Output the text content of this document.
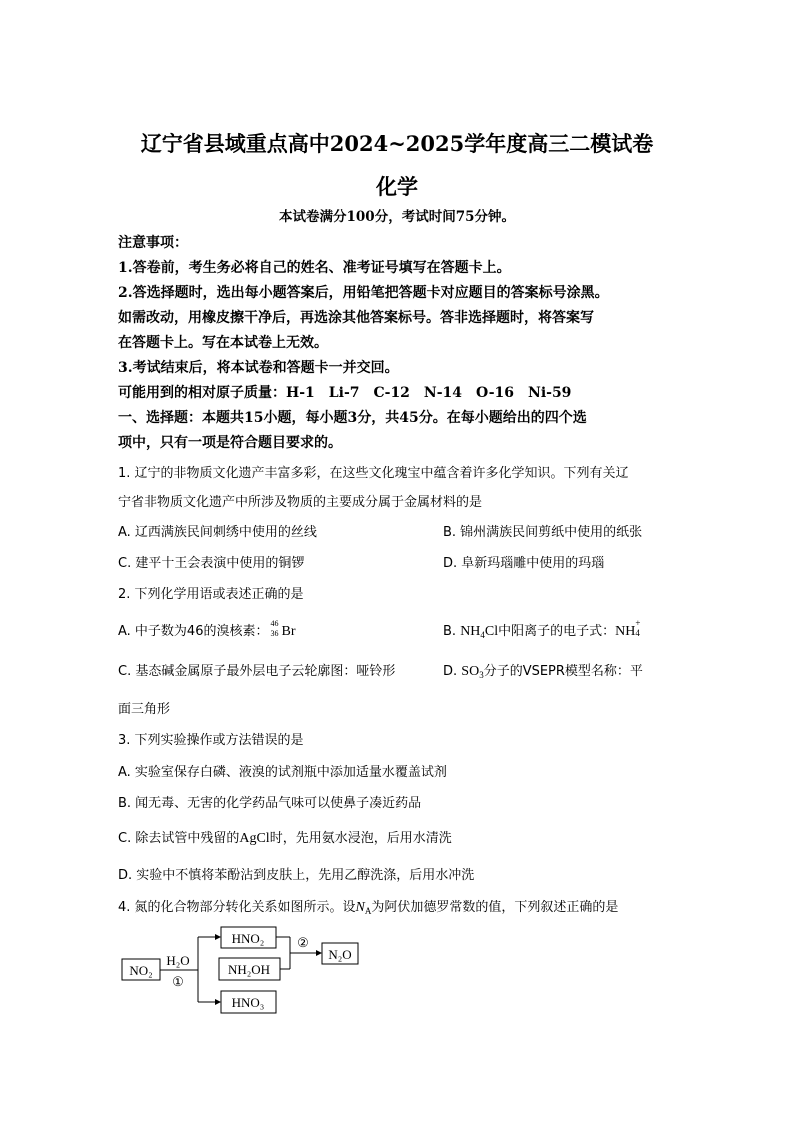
辽宁省县域重点高中2024~2025学年度高三二模试卷
化学
本试卷满分100分，考试时间75分钟。
注意事项：
1.答卷前，考生务必将自己的姓名、准考证号填写在答题卡上。
2.答选择题时，选出每小题答案后，用铅笔把答题卡对应题目的答案标号涂黑。
如需改动，用橡皮擦干净后，再选涂其他答案标号。答非选择题时，将答案写
在答题卡上。写在本试卷上无效。
3.考试结束后，将本试卷和答题卡一并交回。
可能用到的相对原子质量：H-1　Li-7　C-12　N-14　O-16　Ni-59
一、选择题：本题共15小题，每小题3分，共45分。在每小题给出的四个选
项中，只有一项是符合题目要求的。
1. 辽宁的非物质文化遗产丰富多彩，在这些文化瑰宝中蕴含着许多化学知识。下列有关辽
宁省非物质文化遗产中所涉及物质的主要成分属于金属材料的是
A. 辽西满族民间刺绣中使用的丝线	B. 锦州满族民间剪纸中使用的纸张
C. 建平十王会表演中使用的铜锣	D. 阜新玛瑙雕中使用的玛瑙
2. 下列化学用语或表述正确的是
A. 中子数为46的溴核素：
46
36 Br	B. $NH_4Cl$中阳离子的电子式：NH
+
4
C. 基态碱金属原子最外层电子云轮廓图：哑铃形	D. $SO_3$分子的VSEPR模型名称：平
面三角形
3. 下列实验操作或方法错误的是
A. 实验室保存白磷、液溴的试剂瓶中添加适量水覆盖试剂
B. 闻无毒、无害的化学药品气味可以使鼻子凑近药品
C. 除去试管中残留的AgCl时，先用氨水浸泡，后用水清洗
D. 实验中不慎将苯酚沾到皮肤上，先用乙醇洗涤，后用水冲洗
4. 氮的化合物部分转化关系如图所示。设$N_A$为阿伏加德罗常数的值，下列叙述正确的是
NO₂
H₂O
①
HNO₂
NH₂OH
HNO₃
②
N₂O
